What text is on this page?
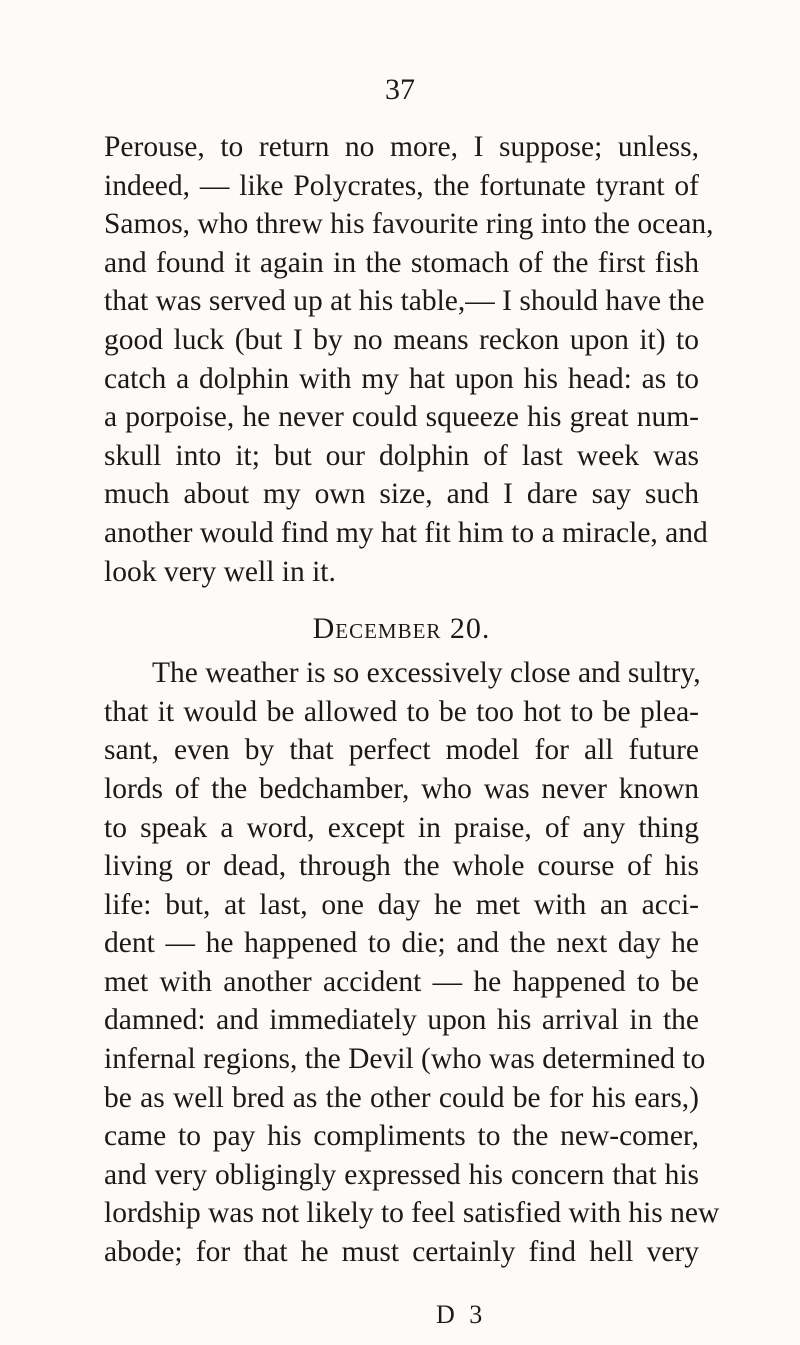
37
Perouse, to return no more, I suppose; unless,
indeed, — like Polycrates, the fortunate tyrant of
Samos, who threw his favourite ring into the ocean,
and found it again in the stomach of the first fish
that was served up at his table,— I should have the
good luck (but I by no means reckon upon it) to
catch a dolphin with my hat upon his head: as to
a porpoise, he never could squeeze his great num-
skull into it; but our dolphin of last week was
much about my own size, and I dare say such
another would find my hat fit him to a miracle, and
look very well in it.
December 20.
The weather is so excessively close and sultry,
that it would be allowed to be too hot to be plea-
sant, even by that perfect model for all future
lords of the bedchamber, who was never known
to speak a word, except in praise, of any thing
living or dead, through the whole course of his
life: but, at last, one day he met with an acci-
dent — he happened to die; and the next day he
met with another accident — he happened to be
damned: and immediately upon his arrival in the
infernal regions, the Devil (who was determined to
be as well bred as the other could be for his ears,)
came to pay his compliments to the new-comer,
and very obligingly expressed his concern that his
lordship was not likely to feel satisfied with his new
abode; for that he must certainly find hell very
D 3
